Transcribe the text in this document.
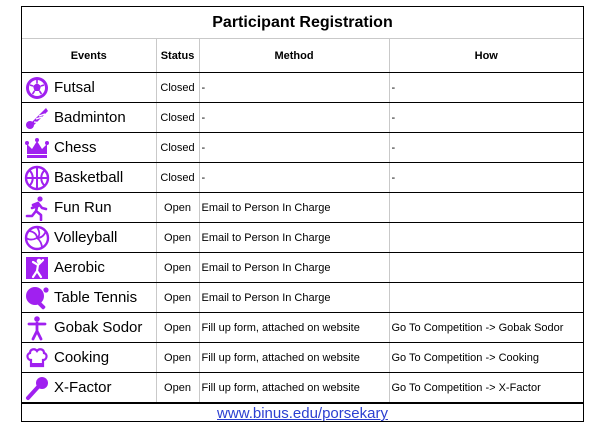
Participant Registration
Events	Status	Method	How

Futsal	Closed	-	-

Badminton	Closed	-	-

Chess	Closed	-	-

Basketball	Closed	-	-

Fun Run	Open	Email to Person In Charge	

Volleyball	Open	Email to Person In Charge	

Aerobic	Open	Email to Person In Charge	

Table Tennis	Open	Email to Person In Charge	

Gobak Sodor	Open	Fill up form, attached on website	Go To Competition -> Gobak Sodor

Cooking	Open	Fill up form, attached on website	Go To Competition -> Cooking

X-Factor	Open	Fill up form, attached on website	Go To Competition -> X-Factor
www.binus.edu/porsekary
